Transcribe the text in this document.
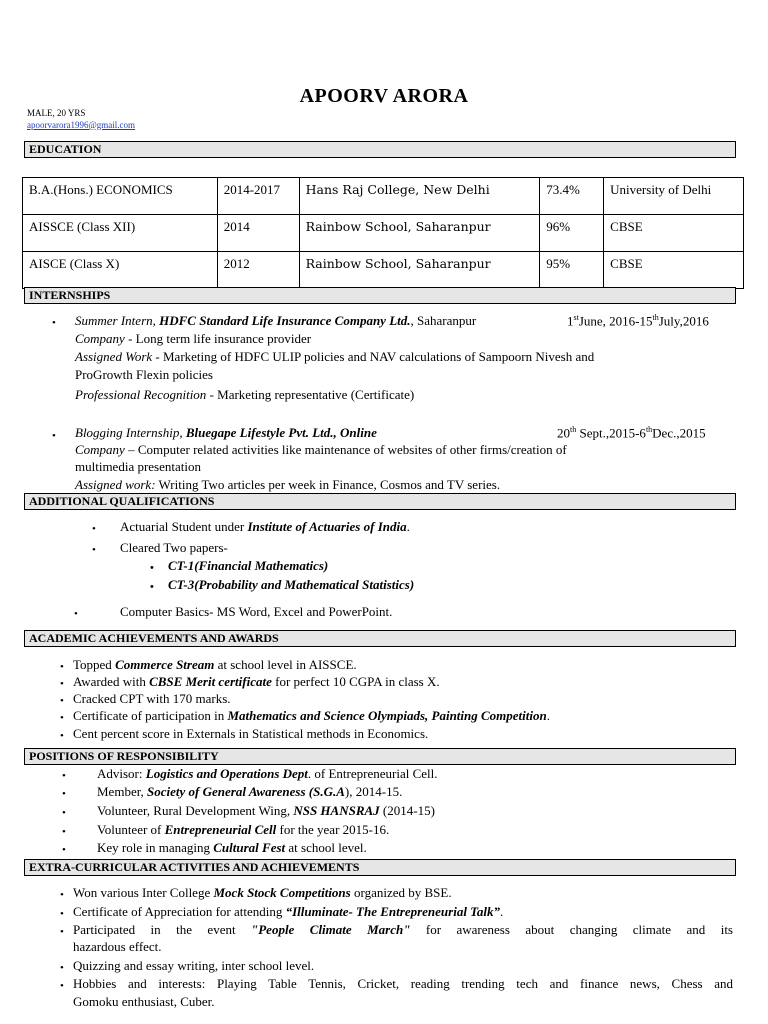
APOORV ARORA
MALE, 20 YRS
apoorvarora1996@gmail.com
EDUCATION
B.A.(Hons.) ECONOMICS	2014-2017	Hans Raj College, New Delhi	73.4%	University of Delhi
AISSCE (Class XII)	2014	Rainbow School, Saharanpur	96%	CBSE
AISCE (Class X)	2012	Rainbow School, Saharanpur	95%	CBSE
INTERNSHIPS
• Summer Intern, HDFC Standard Life Insurance Company Ltd., Saharanpur	1stJune, 2016-15thJuly,2016
Company - Long term life insurance provider
Assigned Work - Marketing of HDFC ULIP policies and NAV calculations of Sampoorn Nivesh and
ProGrowth Flexin policies
Professional Recognition - Marketing representative (Certificate)
• Blogging Internship, Bluegape Lifestyle Pvt. Ltd., Online	20th Sept.,2015-6thDec.,2015
Company – Computer related activities like maintenance of websites of other firms/creation of
multimedia presentation
Assigned work: Writing Two articles per week in Finance, Cosmos and TV series.
ADDITIONAL QUALIFICATIONS
• Actuarial Student under Institute of Actuaries of India.
• Cleared Two papers-
• CT-1(Financial Mathematics)
• CT-3(Probability and Mathematical Statistics)
•	Computer Basics- MS Word, Excel and PowerPoint.
ACADEMIC ACHIEVEMENTS AND AWARDS
• Topped Commerce Stream at school level in AISSCE.
• Awarded with CBSE Merit certificate for perfect 10 CGPA in class X.
• Cracked CPT with 170 marks.
• Certificate of participation in Mathematics and Science Olympiads, Painting Competition.
• Cent percent score in Externals in Statistical methods in Economics.
POSITIONS OF RESPONSIBILITY
• Advisor: Logistics and Operations Dept. of Entrepreneurial Cell.
• Member, Society of General Awareness (S.G.A), 2014-15.
• Volunteer, Rural Development Wing, NSS HANSRAJ (2014-15)
• Volunteer of Entrepreneurial Cell for the year 2015-16.
• Key role in managing Cultural Fest at school level.
EXTRA-CURRICULAR ACTIVITIES AND ACHIEVEMENTS
• Won various Inter College Mock Stock Competitions organized by BSE.
• Certificate of Appreciation for attending “Illuminate- The Entrepreneurial Talk”.
• Participated in the event "People Climate March" for awareness about changing climate and its
hazardous effect.
• Quizzing and essay writing, inter school level.
• Hobbies and interests: Playing Table Tennis, Cricket, reading trending tech and finance news, Chess and
Gomoku enthusiast, Cuber.
